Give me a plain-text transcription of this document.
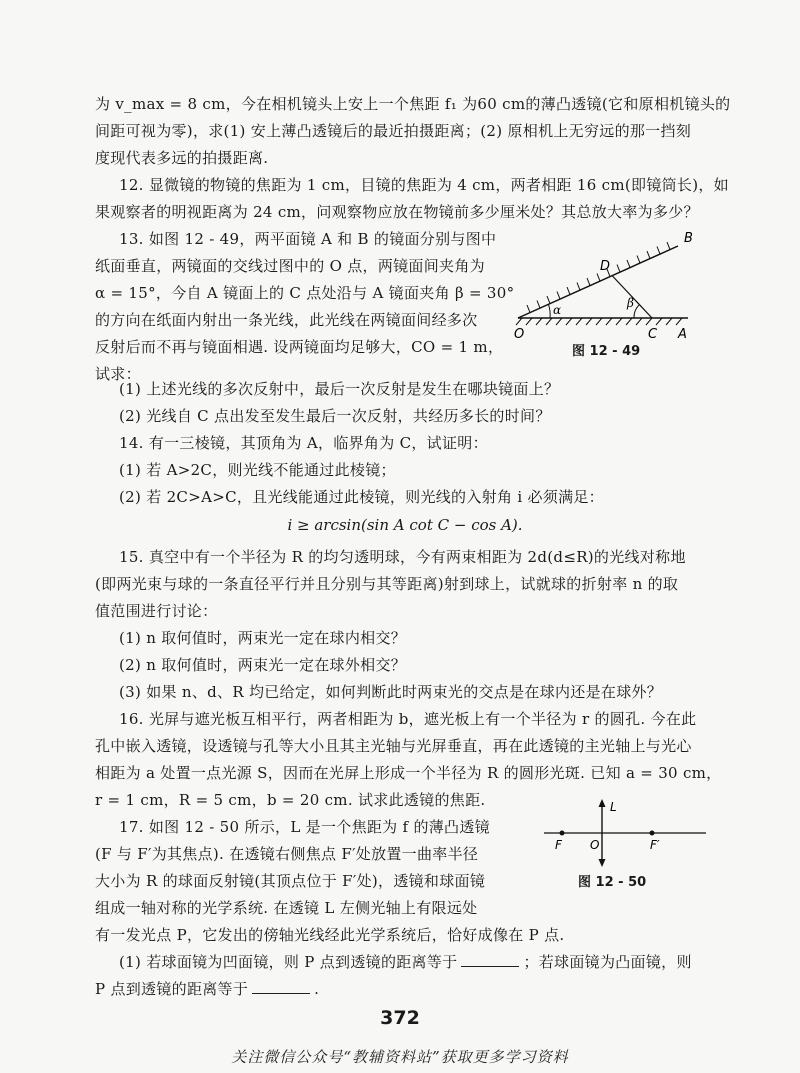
为 v_max = 8 cm，今在相机镜头上安上一个焦距 f₁ 为60 cm的薄凸透镜(它和原相机镜头的
间距可视为零)，求(1) 安上薄凸透镜后的最近拍摄距离；(2) 原相机上无穷远的那一挡刻
度现代表多远的拍摄距离.
12. 显微镜的物镜的焦距为 1 cm，目镜的焦距为 4 cm，两者相距 16 cm(即镜筒长)，如
果观察者的明视距离为 24 cm，问观察物应放在物镜前多少厘米处？其总放大率为多少？
13. 如图 12 - 49，两平面镜 A 和 B 的镜面分别与图中
纸面垂直，两镜面的交线过图中的 O 点，两镜面间夹角为
α = 15°，今自 A 镜面上的 C 点处沿与 A 镜面夹角 β = 30°
的方向在纸面内射出一条光线，此光线在两镜面间经多次
反射后而不再与镜面相遇. 设两镜面均足够大，CO = 1 m，
试求：
B
D
α	β
O	C A
图 12 - 49
(1) 上述光线的多次反射中，最后一次反射是发生在哪块镜面上？
(2) 光线自 C 点出发至发生最后一次反射，共经历多长的时间？
14. 有一三棱镜，其顶角为 A，临界角为 C，试证明：
(1) 若 A>2C，则光线不能通过此棱镜；
(2) 若 2C>A>C，且光线能通过此棱镜，则光线的入射角 i 必须满足：
i ≥ arcsin(sin A cot C − cos A).
15. 真空中有一个半径为 R 的均匀透明球，今有两束相距为 2d(d≤R)的光线对称地
(即两光束与球的一条直径平行并且分别与其等距离)射到球上，试就球的折射率 n 的取
值范围进行讨论：
(1) n 取何值时，两束光一定在球内相交？
(2) n 取何值时，两束光一定在球外相交？
(3) 如果 n、d、R 均已给定，如何判断此时两束光的交点是在球内还是在球外？
16. 光屏与遮光板互相平行，两者相距为 b，遮光板上有一个半径为 r 的圆孔. 今在此
孔中嵌入透镜，设透镜与孔等大小且其主光轴与光屏垂直，再在此透镜的主光轴上与光心
相距为 a 处置一点光源 S，因而在光屏上形成一个半径为 R 的圆形光斑. 已知 a = 30 cm，
r = 1 cm，R = 5 cm，b = 20 cm. 试求此透镜的焦距.
17. 如图 12 - 50 所示，L 是一个焦距为 f 的薄凸透镜
(F 与 F′为其焦点). 在透镜右侧焦点 F′处放置一曲率半径
大小为 R 的球面反射镜(其顶点位于 F′处)，透镜和球面镜
组成一轴对称的光学系统. 在透镜 L 左侧光轴上有限远处
有一发光点 P，它发出的傍轴光线经此光学系统后，恰好成像在 P 点.
L
F O	F′
图 12 - 50
(1) 若球面镜为凹面镜，则 P 点到透镜的距离等于	；若球面镜为凸面镜，则
P 点到透镜的距离等于	.
372
关注微信公众号“教辅资料站”获取更多学习资料
